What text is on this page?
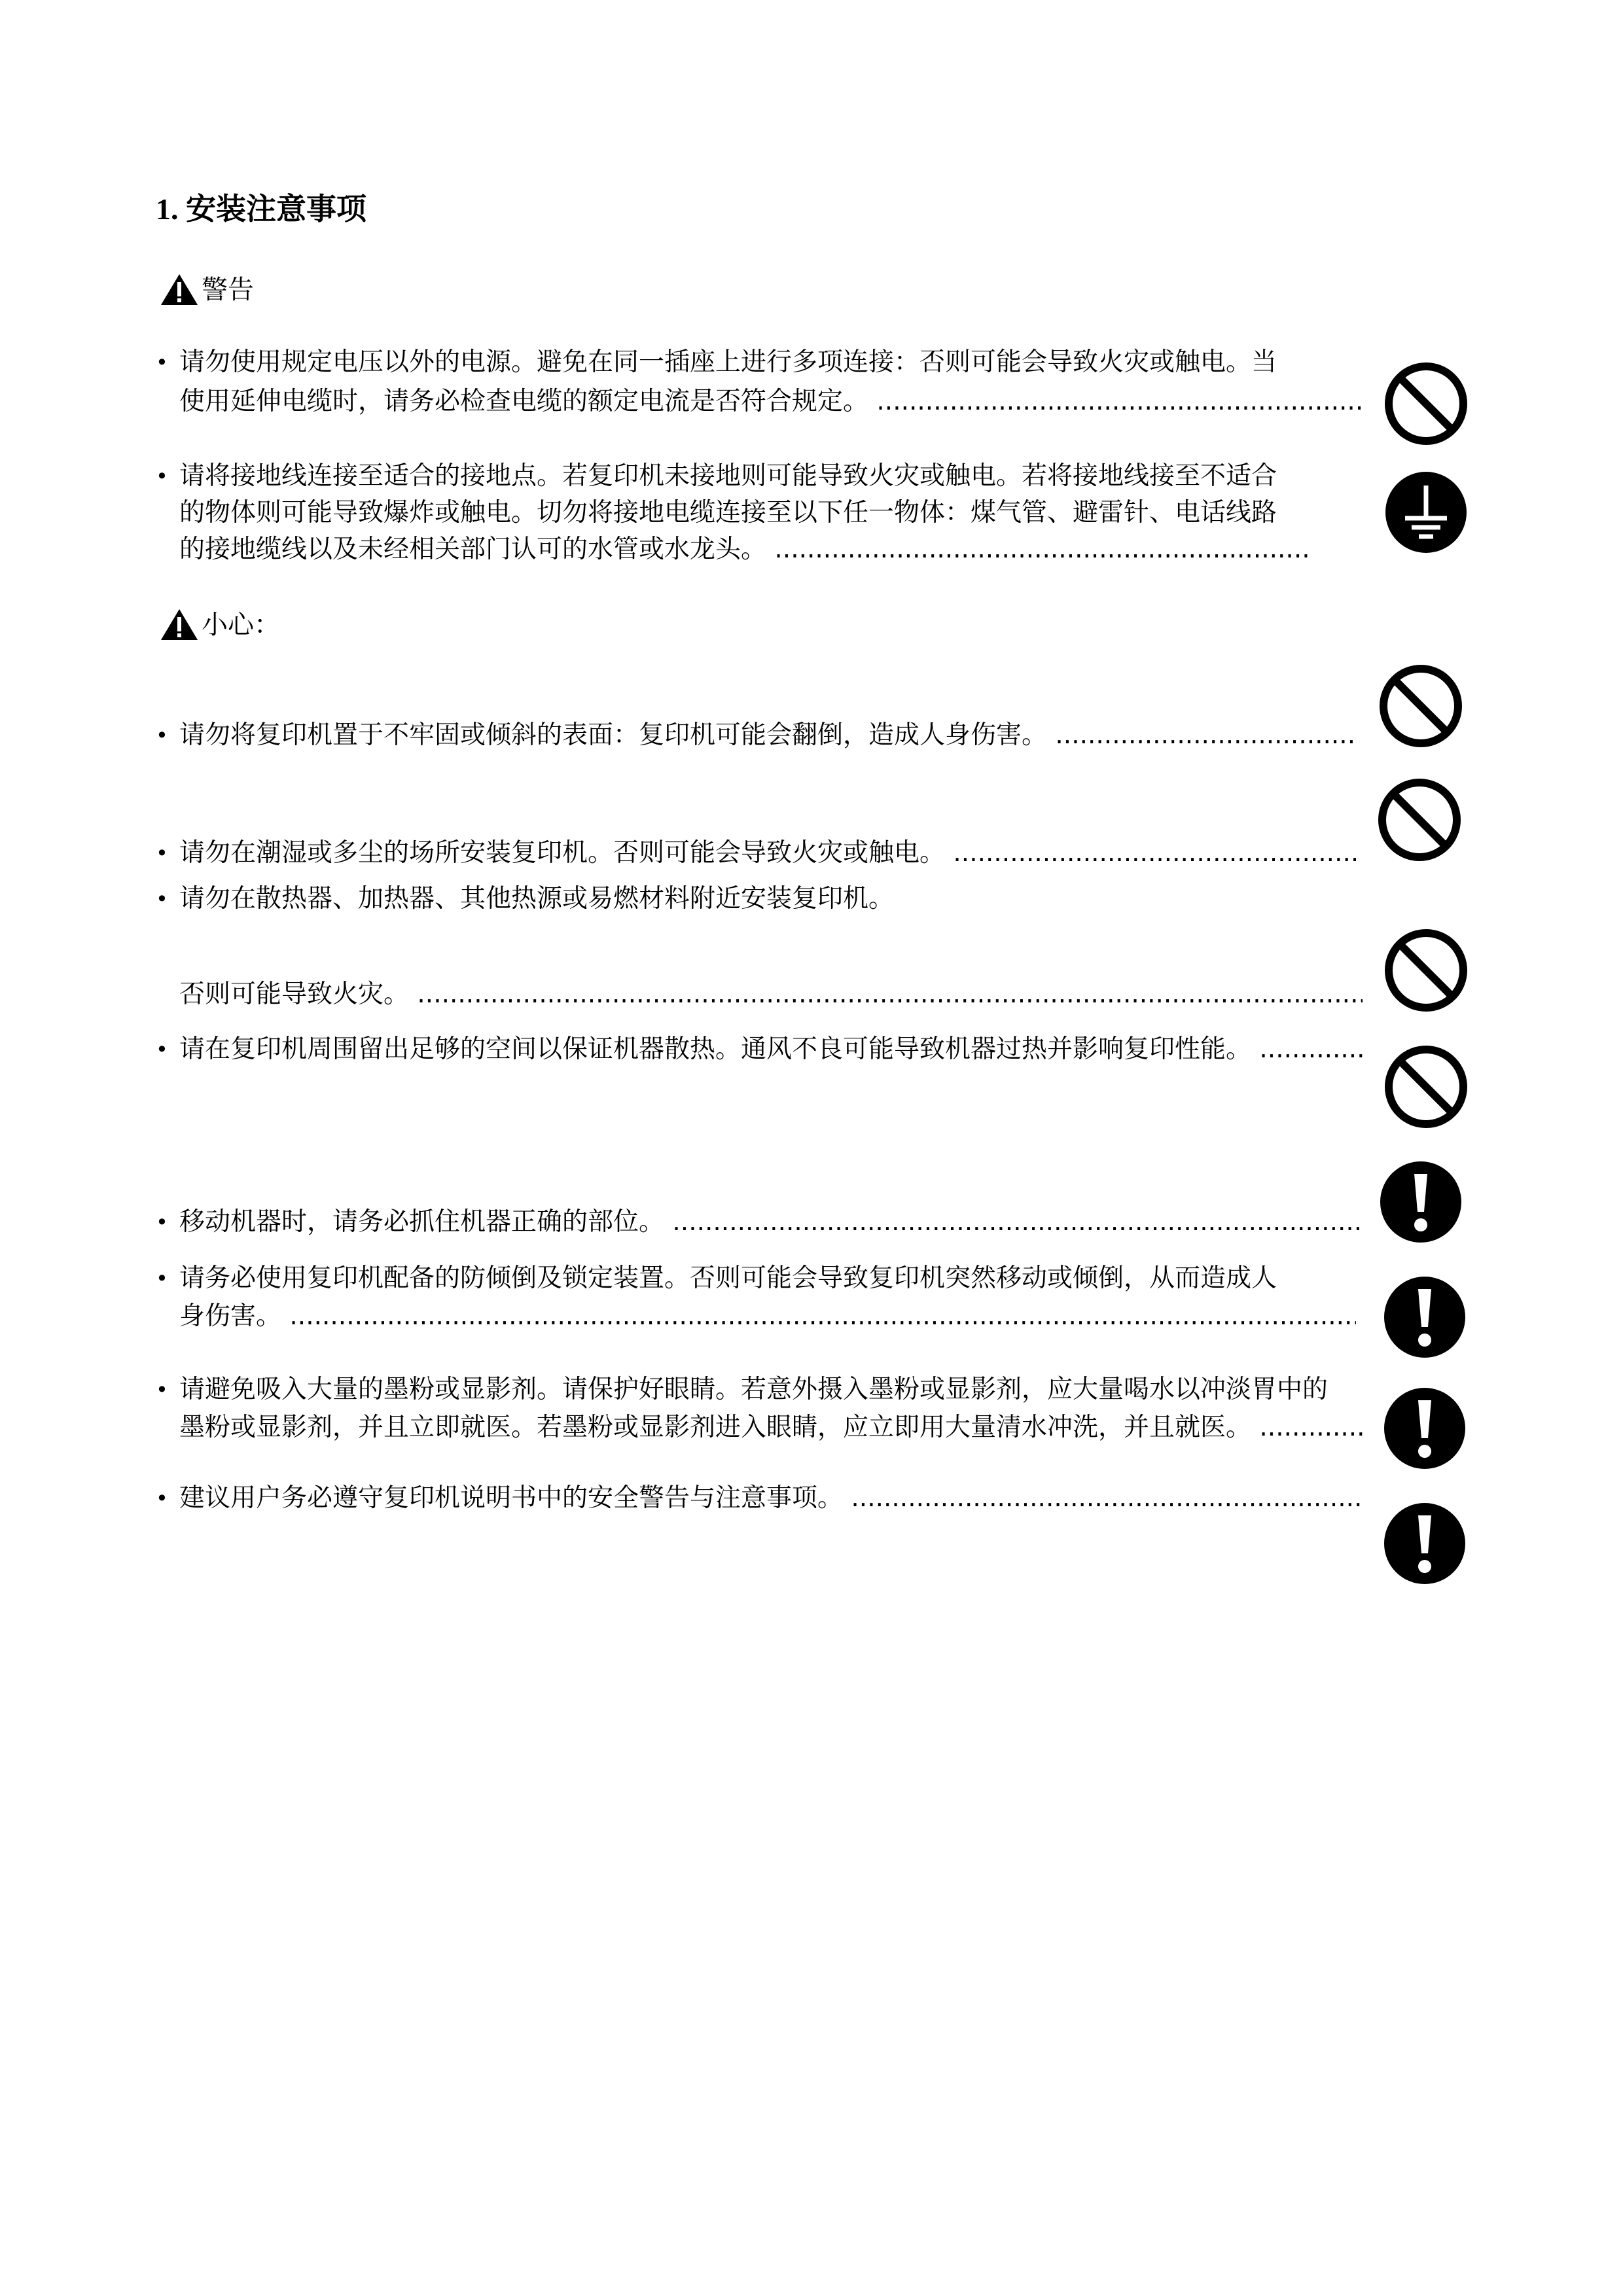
1. 安装注意事项
警告
小心：
• 请勿使用规定电压以外的电源。避免在同一插座上进行多项连接：否则可能会导致火灾或触电。当
使用延伸电缆时，请务必检查电缆的额定电流是否符合规定。 .....
• 请将接地线连接至适合的接地点。若复印机未接地则可能导致火灾或触电。若将接地线接至不适合
的物体则可能导致爆炸或触电。切勿将接地电缆连接至以下任一物体：煤气管、避雷针、电话线路
的接地缆线以及未经相关部门认可的水管或水龙头。 .....
• 请勿将复印机置于不牢固或倾斜的表面：复印机可能会翻倒，造成人身伤害。 .....
• 请勿在潮湿或多尘的场所安装复印机。否则可能会导致火灾或触电。 .....
• 请勿在散热器、加热器、其他热源或易燃材料附近安装复印机。
否则可能导致火灾。 .....
• 请在复印机周围留出足够的空间以保证机器散热。通风不良可能导致机器过热并影响复印性能。 .....
• 移动机器时，请务必抓住机器正确的部位。 .....
• 请务必使用复印机配备的防倾倒及锁定装置。否则可能会导致复印机突然移动或倾倒，从而造成人
身伤害。 .....
• 请避免吸入大量的墨粉或显影剂。请保护好眼睛。若意外摄入墨粉或显影剂，应大量喝水以冲淡胃中的
墨粉或显影剂，并且立即就医。若墨粉或显影剂进入眼睛，应立即用大量清水冲洗，并且就医。 .....
• 建议用户务必遵守复印机说明书中的安全警告与注意事项。 .....
